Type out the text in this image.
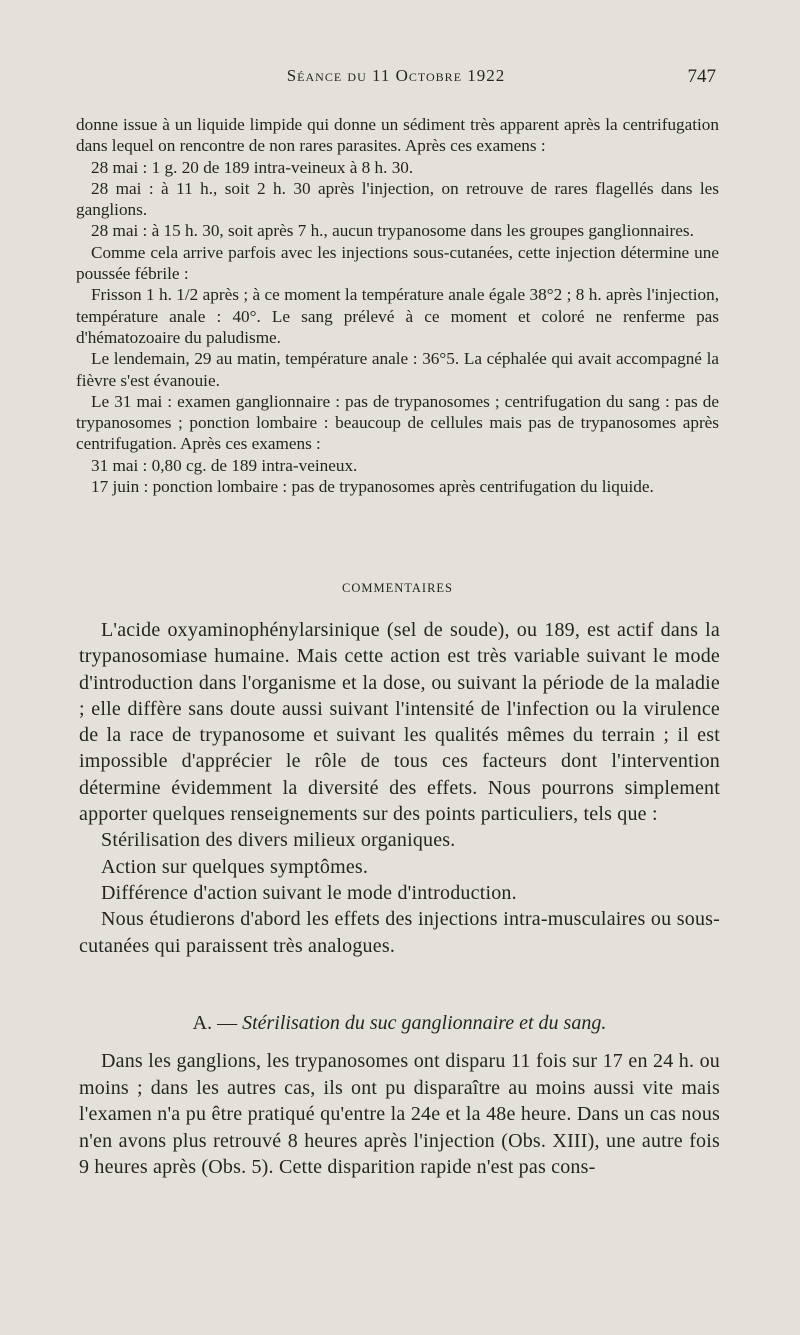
Séance du 11 Octobre 1922	747

donne issue à un liquide limpide qui donne un sédiment très apparent après la centrifugation dans lequel on rencontre de non rares parasites. Après ces examens :

28 mai : 1 g. 20 de 189 intra-veineux à 8 h. 30.

28 mai : à 11 h., soit 2 h. 30 après l'injection, on retrouve de rares flagellés dans les ganglions.

28 mai : à 15 h. 30, soit après 7 h., aucun trypanosome dans les groupes ganglionnaires.

Comme cela arrive parfois avec les injections sous-cutanées, cette injection détermine une poussée fébrile :

Frisson 1 h. 1/2 après ; à ce moment la température anale égale 38°2 ; 8 h. après l'injection, température anale : 40°. Le sang prélevé à ce moment et coloré ne renferme pas d'hématozoaire du paludisme.

Le lendemain, 29 au matin, température anale : 36°5. La céphalée qui avait accompagné la fièvre s'est évanouie.

Le 31 mai : examen ganglionnaire : pas de trypanosomes ; centrifugation du sang : pas de trypanosomes ; ponction lombaire : beaucoup de cellules mais pas de trypanosomes après centrifugation. Après ces examens :

31 mai : 0,80 cg. de 189 intra-veineux.

17 juin : ponction lombaire : pas de trypanosomes après centrifugation du liquide.

COMMENTAIRES

L'acide oxyaminophénylarsinique (sel de soude), ou 189, est actif dans la trypanosomiase humaine. Mais cette action est très variable suivant le mode d'introduction dans l'organisme et la dose, ou suivant la période de la maladie ; elle diffère sans doute aussi suivant l'intensité de l'infection ou la virulence de la race de trypanosome et suivant les qualités mêmes du terrain ; il est impossible d'apprécier le rôle de tous ces facteurs dont l'intervention détermine évidemment la diversité des effets. Nous pourrons simplement apporter quelques renseignements sur des points particuliers, tels que :

Stérilisation des divers milieux organiques.

Action sur quelques symptômes.

Différence d'action suivant le mode d'introduction.

Nous étudierons d'abord les effets des injections intra-musculaires ou sous-cutanées qui paraissent très analogues.

A. — Stérilisation du suc ganglionnaire et du sang.

Dans les ganglions, les trypanosomes ont disparu 11 fois sur 17 en 24 h. ou moins ; dans les autres cas, ils ont pu disparaître au moins aussi vite mais l'examen n'a pu être pratiqué qu'entre la 24e et la 48e heure. Dans un cas nous n'en avons plus retrouvé 8 heures après l'injection (Obs. XIII), une autre fois 9 heures après (Obs. 5). Cette disparition rapide n'est pas cons-
